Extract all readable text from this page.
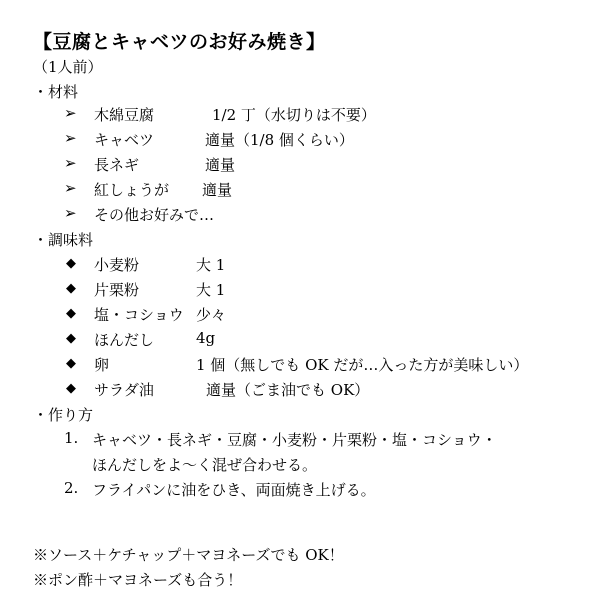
【豆腐とキャベツのお好み焼き】
（1人前）
・材料
➢ 木綿豆腐	1/2 丁（水切りは不要）
➢ キャベツ	適量（1/8 個くらい）
➢ 長ネギ	適量
➢ 紅しょうが 適量
➢ その他お好みで…
・調味料
◆ 小麦粉	大 1
◆ 片栗粉	大 1
◆ 塩・コショウ 少々
◆ ほんだし	4g
◆ 卵	1 個（無しでも OK だが…入った方が美味しい）
◆ サラダ油	適量（ごま油でも OK）
・作り方
1. キャベツ・長ネギ・豆腐・小麦粉・片栗粉・塩・コショウ・
ほんだしをよ～く混ぜ合わせる。
2. フライパンに油をひき、両面焼き上げる。
※ソース＋ケチャップ＋マヨネーズでも OK！
※ポン酢＋マヨネーズも合う！
